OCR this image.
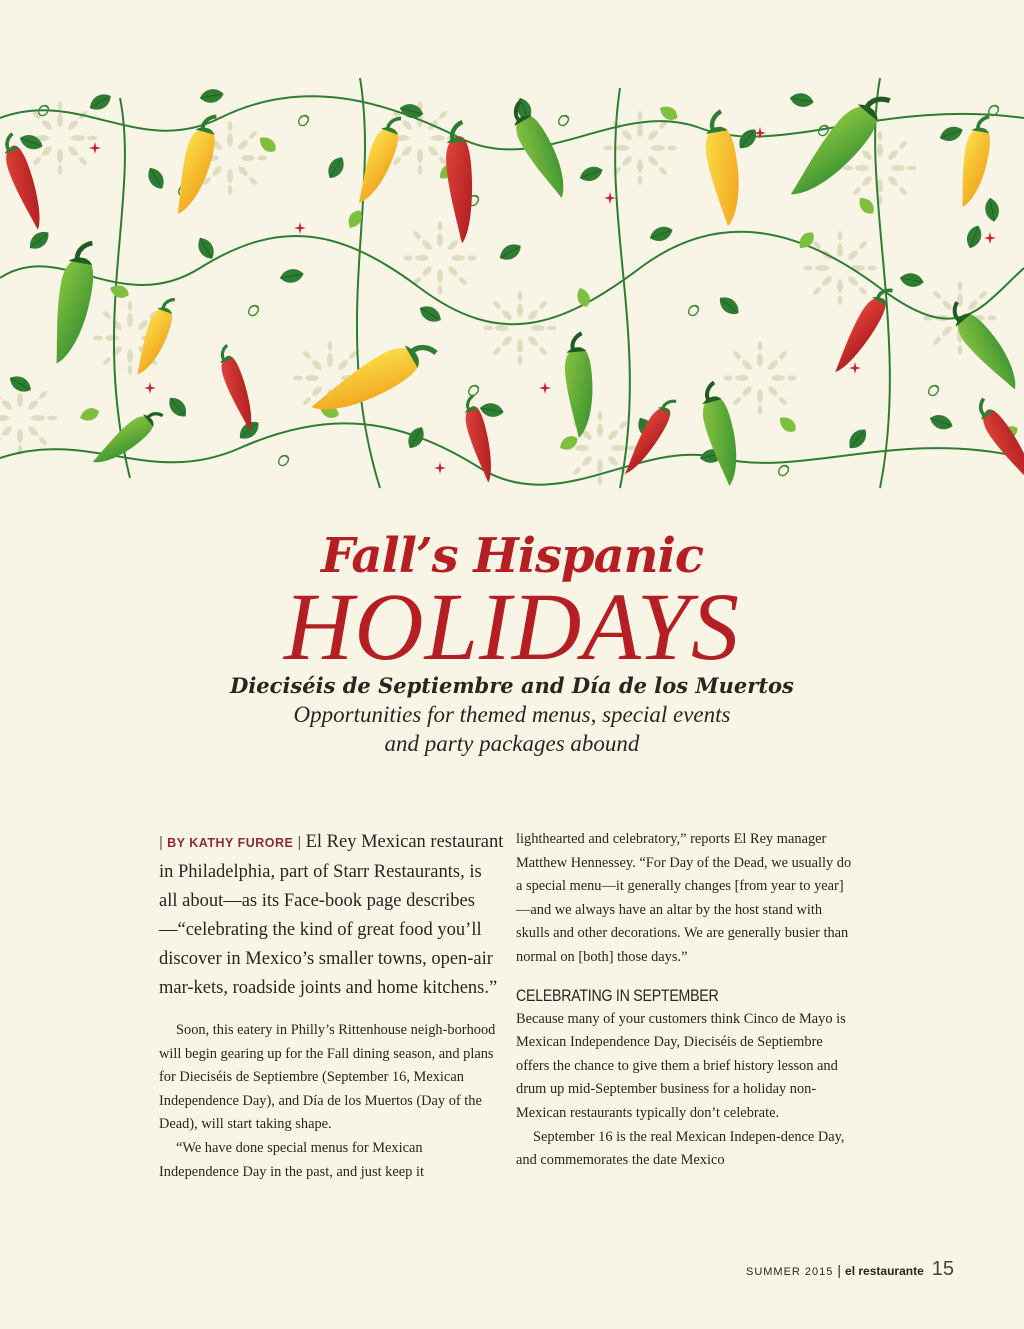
Fall’s Hispanic
HOLIDAYS
Dieciséis de Septiembre and Día de los Muertos
Opportunities for themed menus, special events
and party packages abound

| BY KATHY FURORE | El Rey Mexican restaurant in Philadelphia, part of Starr Restaurants, is all about—as its Face-book page describes—“celebrating the kind of great food you’ll discover in Mexico’s smaller towns, open-air mar-kets, roadside joints and home kitchens.”

Soon, this eatery in Philly’s Rittenhouse neigh-borhood will begin gearing up for the Fall dining season, and plans for Dieciséis de Septiembre (September 16, Mexican Independence Day), and Día de los Muertos (Day of the Dead), will start taking shape.

“We have done special menus for Mexican Independence Day in the past, and just keep it

lighthearted and celebratory,” reports El Rey manager Matthew Hennessey. “For Day of the Dead, we usually do a special menu—it generally changes [from year to year]—and we always have an altar by the host stand with skulls and other decorations. We are generally busier than normal on [both] those days.”

CELEBRATING IN SEPTEMBER

Because many of your customers think Cinco de Mayo is Mexican Independence Day, Dieciséis de Septiembre offers the chance to give them a brief history lesson and drum up mid-September business for a holiday non-Mexican restaurants typically don’t celebrate.

September 16 is the real Mexican Indepen-dence Day, and commemorates the date Mexico

SUMMER 2015 | el restaurante 15
